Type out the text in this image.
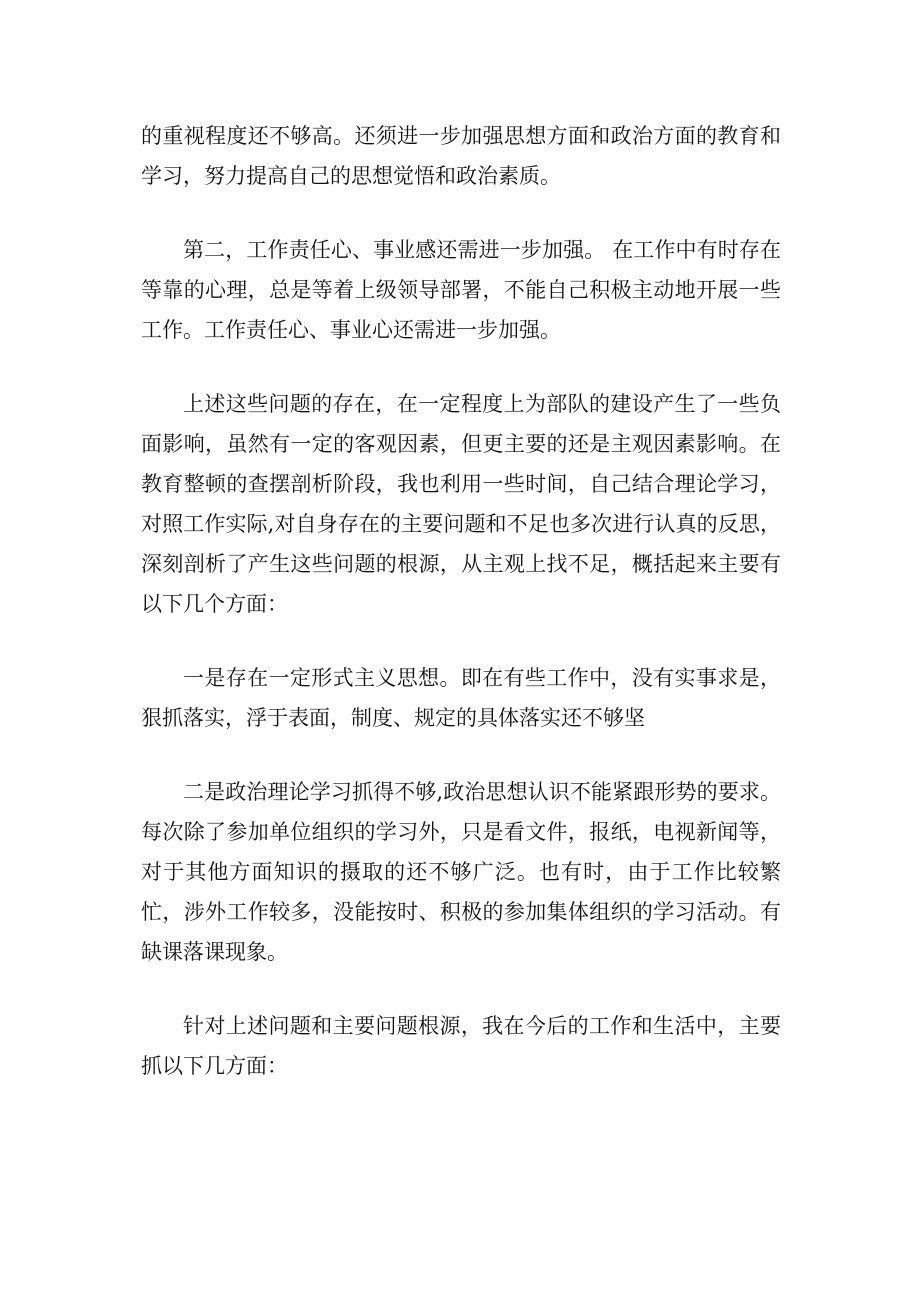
的重视程度还不够高。还须进一步加强思想方面和政治方面的教育和学习，努力提高自己的思想觉悟和政治素质。

第二，工作责任心、事业感还需进一步加强。 在工作中有时存在等靠的心理，总是等着上级领导部署，不能自己积极主动地开展一些工作。工作责任心、事业心还需进一步加强。

上述这些问题的存在，在一定程度上为部队的建设产生了一些负面影响，虽然有一定的客观因素，但更主要的还是主观因素影响。在教育整顿的查摆剖析阶段，我也利用一些时间，自己结合理论学习，对照工作实际,对自身存在的主要问题和不足也多次进行认真的反思，深刻剖析了产生这些问题的根源，从主观上找不足，概括起来主要有以下几个方面：

一是存在一定形式主义思想。即在有些工作中，没有实事求是，狠抓落实，浮于表面，制度、规定的具体落实还不够坚

二是政治理论学习抓得不够,政治思想认识不能紧跟形势的要求。每次除了参加单位组织的学习外，只是看文件，报纸，电视新闻等，对于其他方面知识的摄取的还不够广泛。也有时，由于工作比较繁忙，涉外工作较多，没能按时、积极的参加集体组织的学习活动。有缺课落课现象。

针对上述问题和主要问题根源，我在今后的工作和生活中，主要抓以下几方面：
